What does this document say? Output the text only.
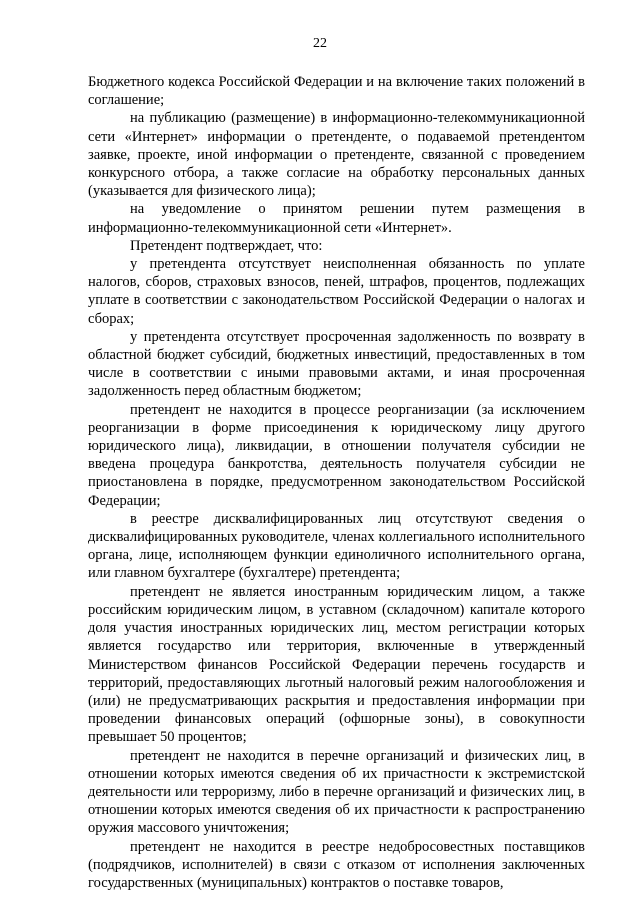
22

Бюджетного кодекса Российской Федерации и на включение таких положений в соглашение;

на публикацию (размещение) в информационно-телекоммуникационной сети «Интернет» информации о претенденте, о подаваемой претендентом заявке, проекте, иной информации о претенденте, связанной с проведением конкурсного отбора, а также согласие на обработку персональных данных (указывается для физического лица);

на уведомление о принятом решении путем размещения в информационно-телекоммуникационной сети «Интернет».

Претендент подтверждает, что:

у претендента отсутствует неисполненная обязанность по уплате налогов, сборов, страховых взносов, пеней, штрафов, процентов, подлежащих уплате в соответствии с законодательством Российской Федерации о налогах и сборах;

у претендента отсутствует просроченная задолженность по возврату в областной бюджет субсидий, бюджетных инвестиций, предоставленных в том числе в соответствии с иными правовыми актами, и иная просроченная задолженность перед областным бюджетом;

претендент не находится в процессе реорганизации (за исключением реорганизации в форме присоединения к юридическому лицу другого юридического лица), ликвидации, в отношении получателя субсидии не введена процедура банкротства, деятельность получателя субсидии не приостановлена в порядке, предусмотренном законодательством Российской Федерации;

в реестре дисквалифицированных лиц отсутствуют сведения о дисквалифицированных руководителе, членах коллегиального исполнительного органа, лице, исполняющем функции единоличного исполнительного органа, или главном бухгалтере (бухгалтере) претендента;

претендент не является иностранным юридическим лицом, а также российским юридическим лицом, в уставном (складочном) капитале которого доля участия иностранных юридических лиц, местом регистрации которых является государство или территория, включенные в утвержденный Министерством финансов Российской Федерации перечень государств и территорий, предоставляющих льготный налоговый режим налогообложения и (или) не предусматривающих раскрытия и предоставления информации при проведении финансовых операций (офшорные зоны), в совокупности превышает 50 процентов;

претендент не находится в перечне организаций и физических лиц, в отношении которых имеются сведения об их причастности к экстремистской деятельности или терроризму, либо в перечне организаций и физических лиц, в отношении которых имеются сведения об их причастности к распространению оружия массового уничтожения;

претендент не находится в реестре недобросовестных поставщиков (подрядчиков, исполнителей) в связи с отказом от исполнения заключенных государственных (муниципальных) контрактов о поставке товаров,
